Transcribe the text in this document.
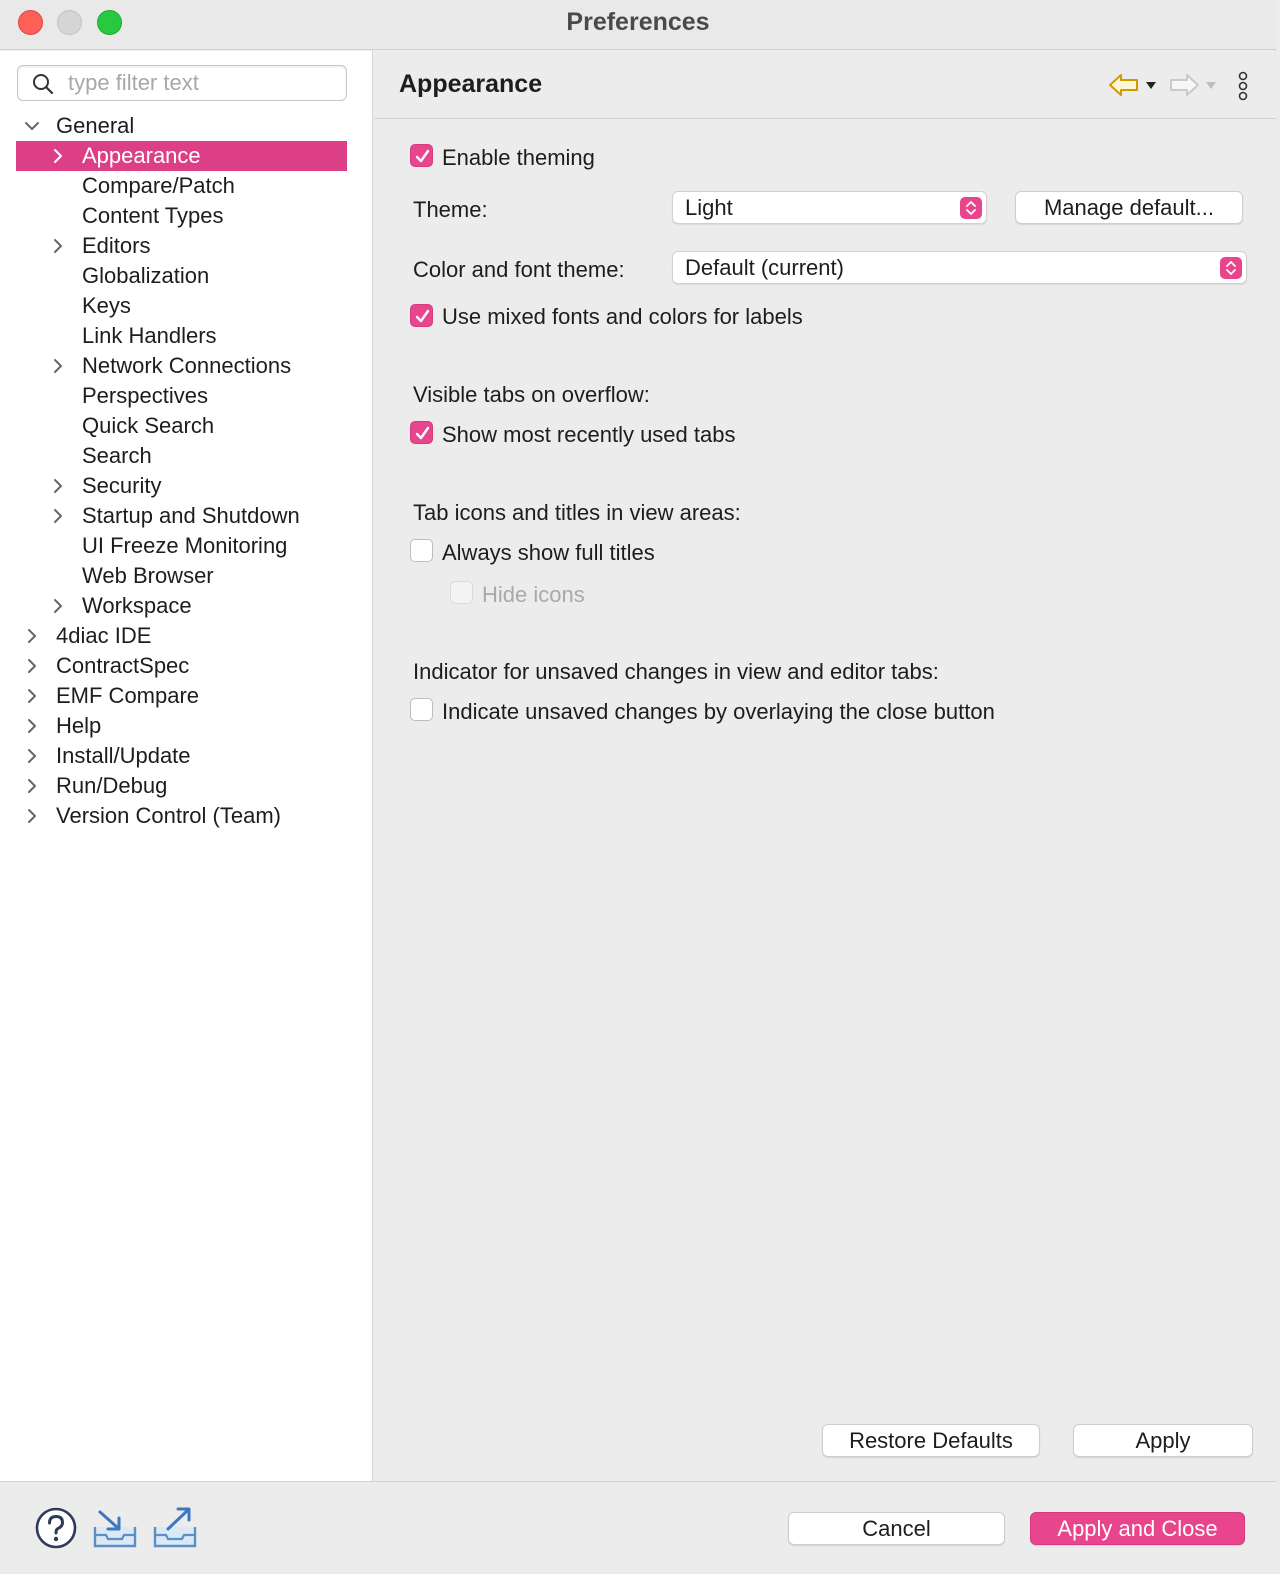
Preferences
type filter text
General
Appearance
Compare/Patch
Content Types
Editors
Globalization
Keys
Link Handlers
Network Connections
Perspectives
Quick Search
Search
Security
Startup and Shutdown
UI Freeze Monitoring
Web Browser
Workspace
4diac IDE
ContractSpec
EMF Compare
Help
Install/Update
Run/Debug
Version Control (Team)
Appearance
Enable theming
Theme:	Light	Manage default...
Color and font theme:	Default (current)
Use mixed fonts and colors for labels
Visible tabs on overflow:
Show most recently used tabs
Tab icons and titles in view areas:
Always show full titles
Hide icons
Indicator for unsaved changes in view and editor tabs:
Indicate unsaved changes by overlaying the close button
Restore Defaults	Apply
Cancel	Apply and Close
